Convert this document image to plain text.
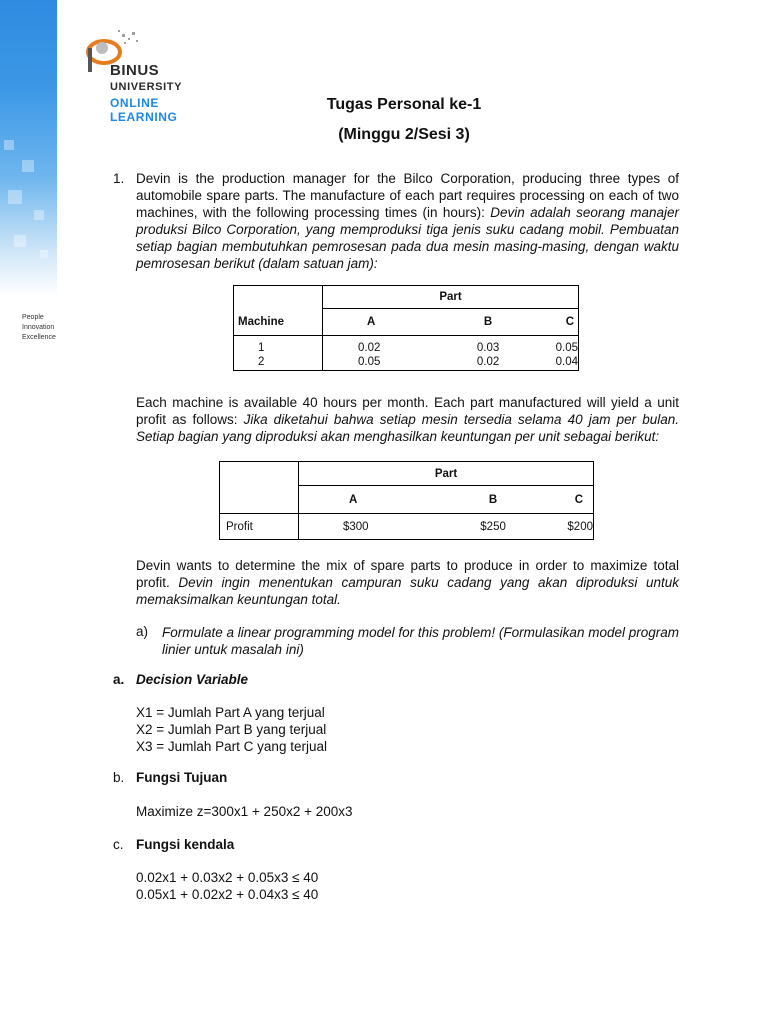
BINUS
UNIVERSITY
ONLINE
LEARNING
People
Innovation
Excellence
Tugas Personal ke-1
(Minggu 2/Sesi 3)
1. Devin is the production manager for the Bilco Corporation, producing three types of automobile spare parts. The manufacture of each part requires processing on each of two machines, with the following processing times (in hours): Devin adalah seorang manajer produksi Bilco Corporation, yang memproduksi tiga jenis suku cadang mobil. Pembuatan setiap bagian membutuhkan pemrosesan pada dua mesin masing-masing, dengan waktu pemrosesan berikut (dalam satuan jam):
	Part		
Machine	A	B	C
1	0.02	0.03	0.05
2	0.05	0.02	0.04
Each machine is available 40 hours per month. Each part manufactured will yield a unit profit as follows: Jika diketahui bahwa setiap mesin tersedia selama 40 jam per bulan. Setiap bagian yang diproduksi akan menghasilkan keuntungan per unit sebagai berikut:
	Part		
	A	B	C
Profit	$300	$250	$200
Devin wants to determine the mix of spare parts to produce in order to maximize total profit. Devin ingin menentukan campuran suku cadang yang akan diproduksi untuk memaksimalkan keuntungan total.
a) Formulate a linear programming model for this problem! (Formulasikan model program linier untuk masalah ini)
a. Decision Variable
X1 = Jumlah Part A yang terjual
X2 = Jumlah Part B yang terjual
X3 = Jumlah Part C yang terjual
b. Fungsi Tujuan
Maximize z=300x1 + 250x2 + 200x3
c. Fungsi kendala
0.02x1 + 0.03x2 + 0.05x3 ≤ 40
0.05x1 + 0.02x2 + 0.04x3 ≤ 40
